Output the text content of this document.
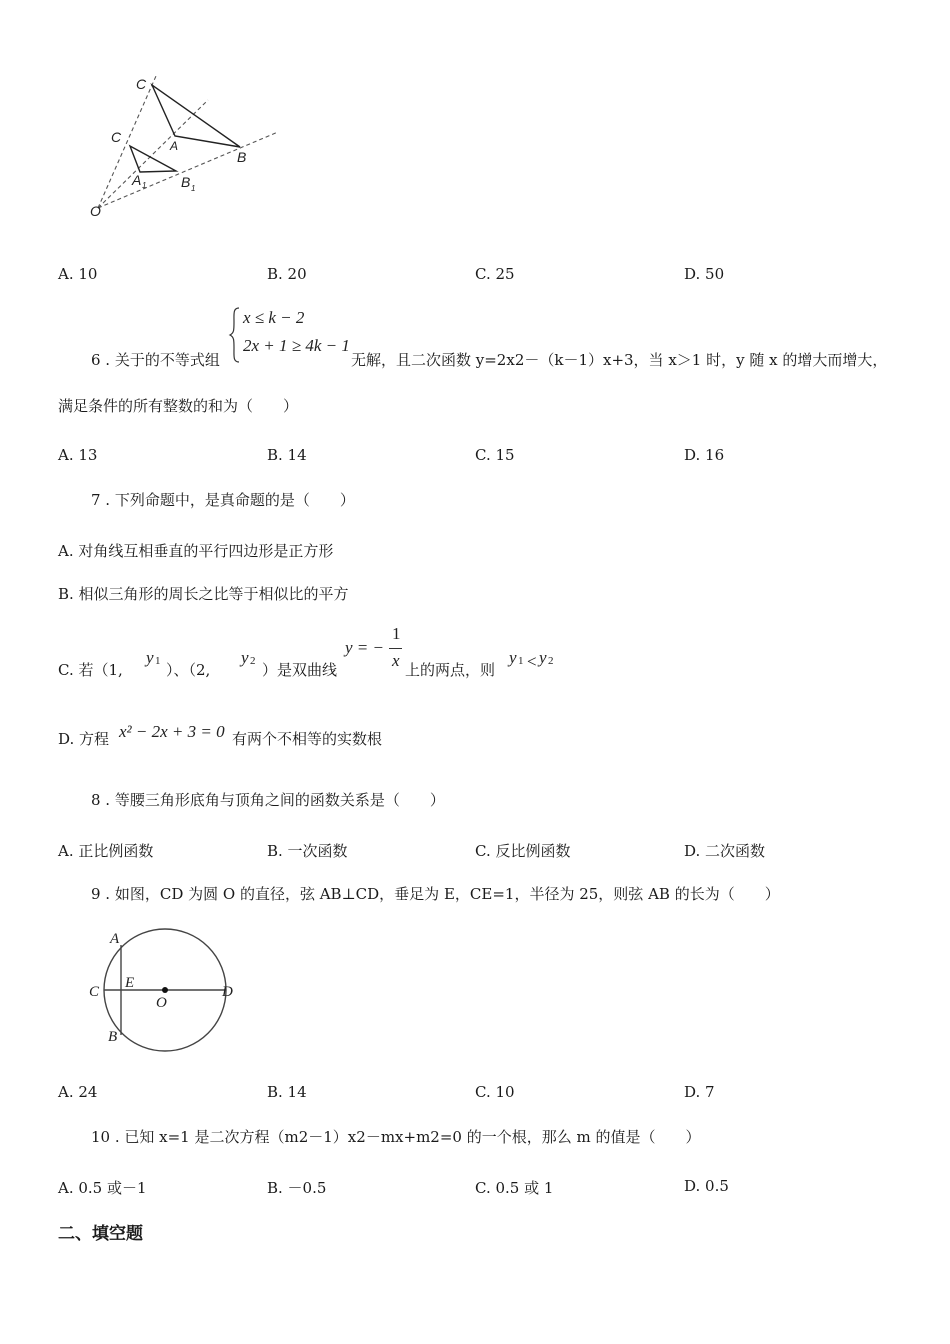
C
A
B
C
A 1 B 1
O
A. 10	B. 20	C. 25	D. 50
6 . 关于的不等式组
x ≤ k − 2
2x + 1 ≥ 4k − 1
无解，且二次函数 y=2x2－（k－1）x+3，当 x＞1 时，y 随 x 的增大而增大，
满足条件的所有整数的和为（　　）
A. 13	B. 14	C. 15	D. 16
7 . 下列命题中，是真命题的是（　　）
A. 对角线互相垂直的平行四边形是正方形
B. 相似三角形的周长之比等于相似比的平方
C. 若（1,
y 1 ）、（2,
y 2 ）是双曲线
y = −
1
x 上的两点，则
y 1 < y 2
D. 方程 x² − 2x + 3 = 0 有两个不相等的实数根
8 . 等腰三角形底角与顶角之间的函数关系是（　　）
A. 正比例函数	B. 一次函数	C. 反比例函数	D. 二次函数
9 . 如图，CD 为圆 O 的直径，弦 AB⊥CD，垂足为 E，CE=1，半径为 25，则弦 AB 的长为（　　）
A
B
C	D
E
O
A. 24	B. 14	C. 10	D. 7
10 . 已知 x=1 是二次方程（m2－1）x2－mx+m2=0 的一个根，那么 m 的值是（　　）
A. 0.5 或－1	B. －0.5	C. 0.5 或 1	D. 0.5
二、填空题
